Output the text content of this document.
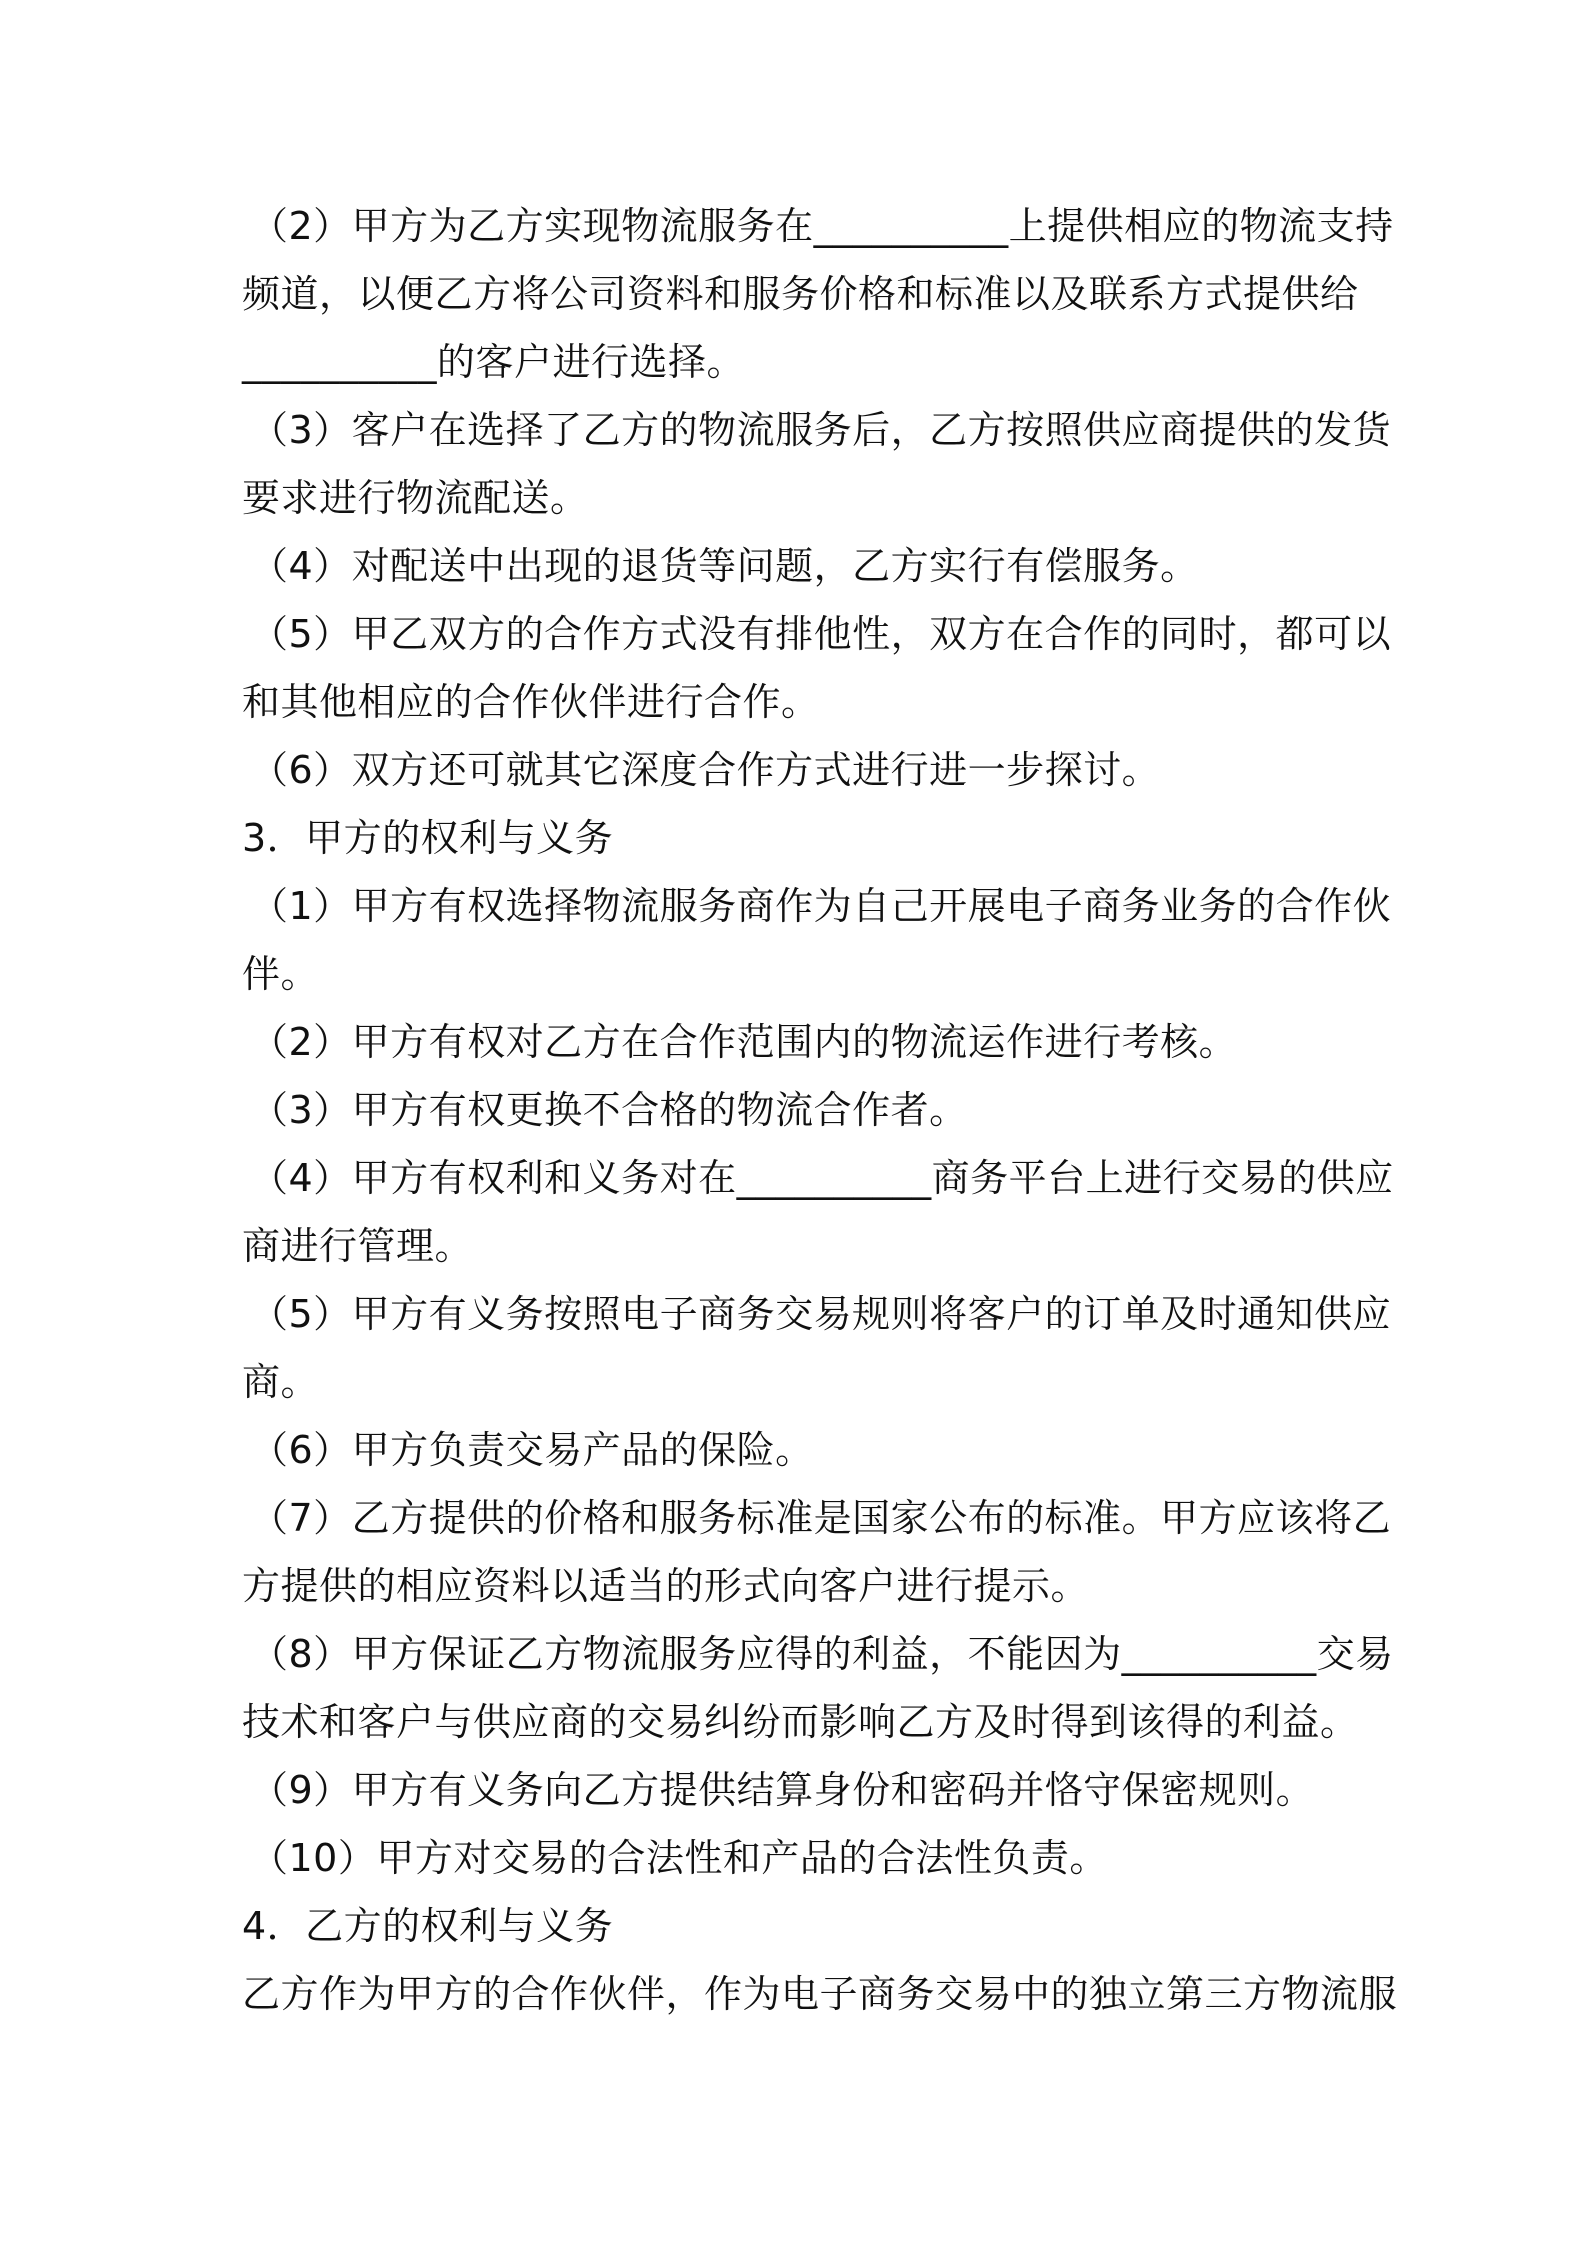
（2）甲方为乙方实现物流服务在__________上提供相应的物流支持
频道，以便乙方将公司资料和服务价格和标准以及联系方式提供给
__________的客户进行选择。
（3）客户在选择了乙方的物流服务后，乙方按照供应商提供的发货
要求进行物流配送。
（4）对配送中出现的退货等问题，乙方实行有偿服务。
（5）甲乙双方的合作方式没有排他性，双方在合作的同时，都可以
和其他相应的合作伙伴进行合作。
（6）双方还可就其它深度合作方式进行进一步探讨。
3．甲方的权利与义务
（1）甲方有权选择物流服务商作为自己开展电子商务业务的合作伙
伴。
（2）甲方有权对乙方在合作范围内的物流运作进行考核。
（3）甲方有权更换不合格的物流合作者。
（4）甲方有权利和义务对在__________商务平台上进行交易的供应
商进行管理。
（5）甲方有义务按照电子商务交易规则将客户的订单及时通知供应
商。
（6）甲方负责交易产品的保险。
（7）乙方提供的价格和服务标准是国家公布的标准。甲方应该将乙
方提供的相应资料以适当的形式向客户进行提示。
（8）甲方保证乙方物流服务应得的利益，不能因为__________交易
技术和客户与供应商的交易纠纷而影响乙方及时得到该得的利益。
（9）甲方有义务向乙方提供结算身份和密码并恪守保密规则。
（10）甲方对交易的合法性和产品的合法性负责。
4．乙方的权利与义务
乙方作为甲方的合作伙伴，作为电子商务交易中的独立第三方物流服
